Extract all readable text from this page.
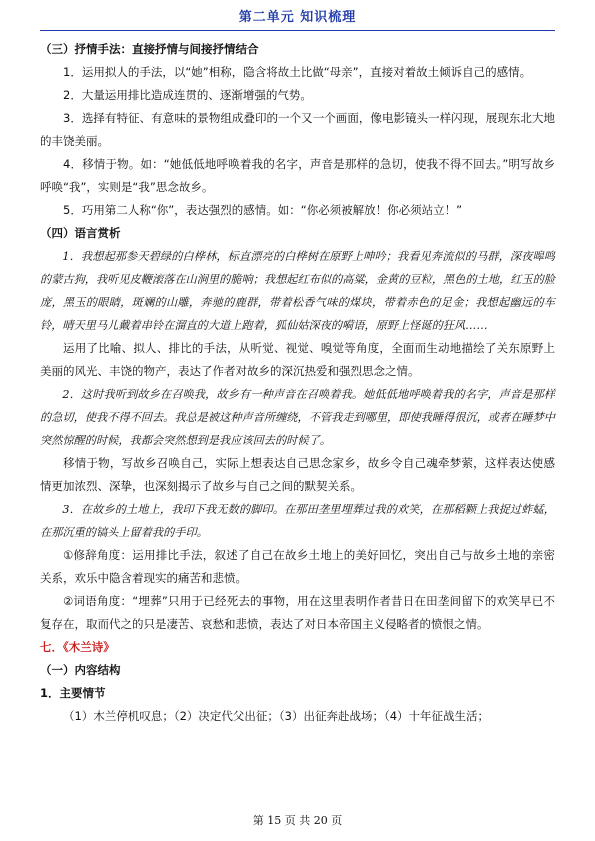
第二单元 知识梳理

（三）抒情手法：直接抒情与间接抒情结合

1．运用拟人的手法，以“她”相称，隐含将故土比做“母亲”，直接对着故土倾诉自己的感情。

2．大量运用排比造成连贯的、逐渐增强的气势。

3．选择有特征、有意味的景物组成叠印的一个又一个画面，像电影镜头一样闪现，展现东北大地的丰饶美丽。

4．移情于物。如：“她低低地呼唤着我的名字，声音是那样的急切，使我不得不回去。”明写故乡呼唤“我”，实则是“我”思念故乡。

5．巧用第二人称“你”，表达强烈的感情。如：“你必须被解放！你必须站立！”

（四）语言赏析

1．我想起那参天碧绿的白桦林，标直漂亮的白桦树在原野上呻吟；我看见奔流似的马群，深夜嗥鸣的蒙古狗，我听见皮鞭滚落在山涧里的脆响；我想起红布似的高粱，金黄的豆粒，黑色的土地，红玉的脸庞，黑玉的眼睛，斑斓的山雕，奔驰的鹿群，带着松香气味的煤块，带着赤色的足金；我想起幽远的车铃，晴天里马儿戴着串铃在溜直的大道上跑着，狐仙姑深夜的嗬语，原野上怪诞的狂风……

运用了比喻、拟人、排比的手法，从听觉、视觉、嗅觉等角度，全面而生动地描绘了关东原野上美丽的风光、丰饶的物产，表达了作者对故乡的深沉热爱和强烈思念之情。

2．这时我听到故乡在召唤我，故乡有一种声音在召唤着我。她低低地呼唤着我的名字，声音是那样的急切，使我不得不回去。我总是被这种声音所缠绕，不管我走到哪里，即使我睡得很沉，或者在睡梦中突然惊醒的时候，我都会突然想到是我应该回去的时候了。

移情于物，写故乡召唤自己，实际上想表达自己思念家乡，故乡令自己魂牵梦萦，这样表达使感情更加浓烈、深挚，也深刻揭示了故乡与自己之间的默契关系。

3．在故乡的土地上，我印下我无数的脚印。在那田垄里埋葬过我的欢笑，在那稻颗上我捉过蚱蜢，在那沉重的镐头上留着我的手印。

①修辞角度：运用排比手法，叙述了自己在故乡土地上的美好回忆，突出自己与故乡土地的亲密关系，欢乐中隐含着现实的痛苦和悲愤。

②词语角度：“埋葬”只用于已经死去的事物，用在这里表明作者昔日在田垄间留下的欢笑早已不复存在，取而代之的只是凄苦、哀愁和悲愤，表达了对日本帝国主义侵略者的愤恨之情。

七．《木兰诗》

（一）内容结构

1．主要情节

（1）木兰停机叹息；（2）决定代父出征；（3）出征奔赴战场；（4）十年征战生活；

第 15 页 共 20 页
